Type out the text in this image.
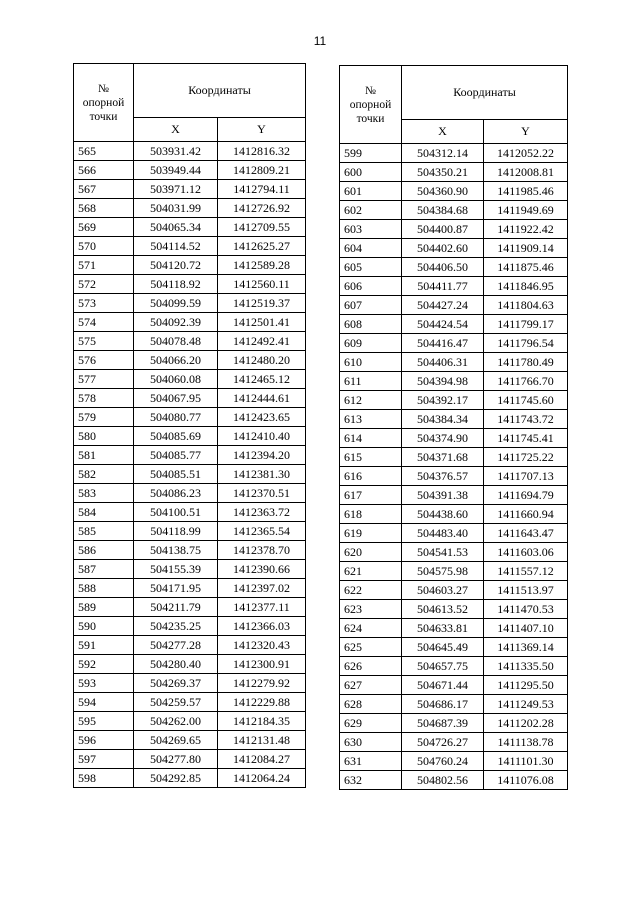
11
№
опорной
точки	Координаты	
	X	Y
565	503931.42	1412816.32
566	503949.44	1412809.21
567	503971.12	1412794.11
568	504031.99	1412726.92
569	504065.34	1412709.55
570	504114.52	1412625.27
571	504120.72	1412589.28
572	504118.92	1412560.11
573	504099.59	1412519.37
574	504092.39	1412501.41
575	504078.48	1412492.41
576	504066.20	1412480.20
577	504060.08	1412465.12
578	504067.95	1412444.61
579	504080.77	1412423.65
580	504085.69	1412410.40
581	504085.77	1412394.20
582	504085.51	1412381.30
583	504086.23	1412370.51
584	504100.51	1412363.72
585	504118.99	1412365.54
586	504138.75	1412378.70
587	504155.39	1412390.66
588	504171.95	1412397.02
589	504211.79	1412377.11
590	504235.25	1412366.03
591	504277.28	1412320.43
592	504280.40	1412300.91
593	504269.37	1412279.92
594	504259.57	1412229.88
595	504262.00	1412184.35
596	504269.65	1412131.48
597	504277.80	1412084.27
598	504292.85	1412064.24
№
опорной
точки	Координаты	
	X	Y
599	504312.14	1412052.22
600	504350.21	1412008.81
601	504360.90	1411985.46
602	504384.68	1411949.69
603	504400.87	1411922.42
604	504402.60	1411909.14
605	504406.50	1411875.46
606	504411.77	1411846.95
607	504427.24	1411804.63
608	504424.54	1411799.17
609	504416.47	1411796.54
610	504406.31	1411780.49
611	504394.98	1411766.70
612	504392.17	1411745.60
613	504384.34	1411743.72
614	504374.90	1411745.41
615	504371.68	1411725.22
616	504376.57	1411707.13
617	504391.38	1411694.79
618	504438.60	1411660.94
619	504483.40	1411643.47
620	504541.53	1411603.06
621	504575.98	1411557.12
622	504603.27	1411513.97
623	504613.52	1411470.53
624	504633.81	1411407.10
625	504645.49	1411369.14
626	504657.75	1411335.50
627	504671.44	1411295.50
628	504686.17	1411249.53
629	504687.39	1411202.28
630	504726.27	1411138.78
631	504760.24	1411101.30
632	504802.56	1411076.08
